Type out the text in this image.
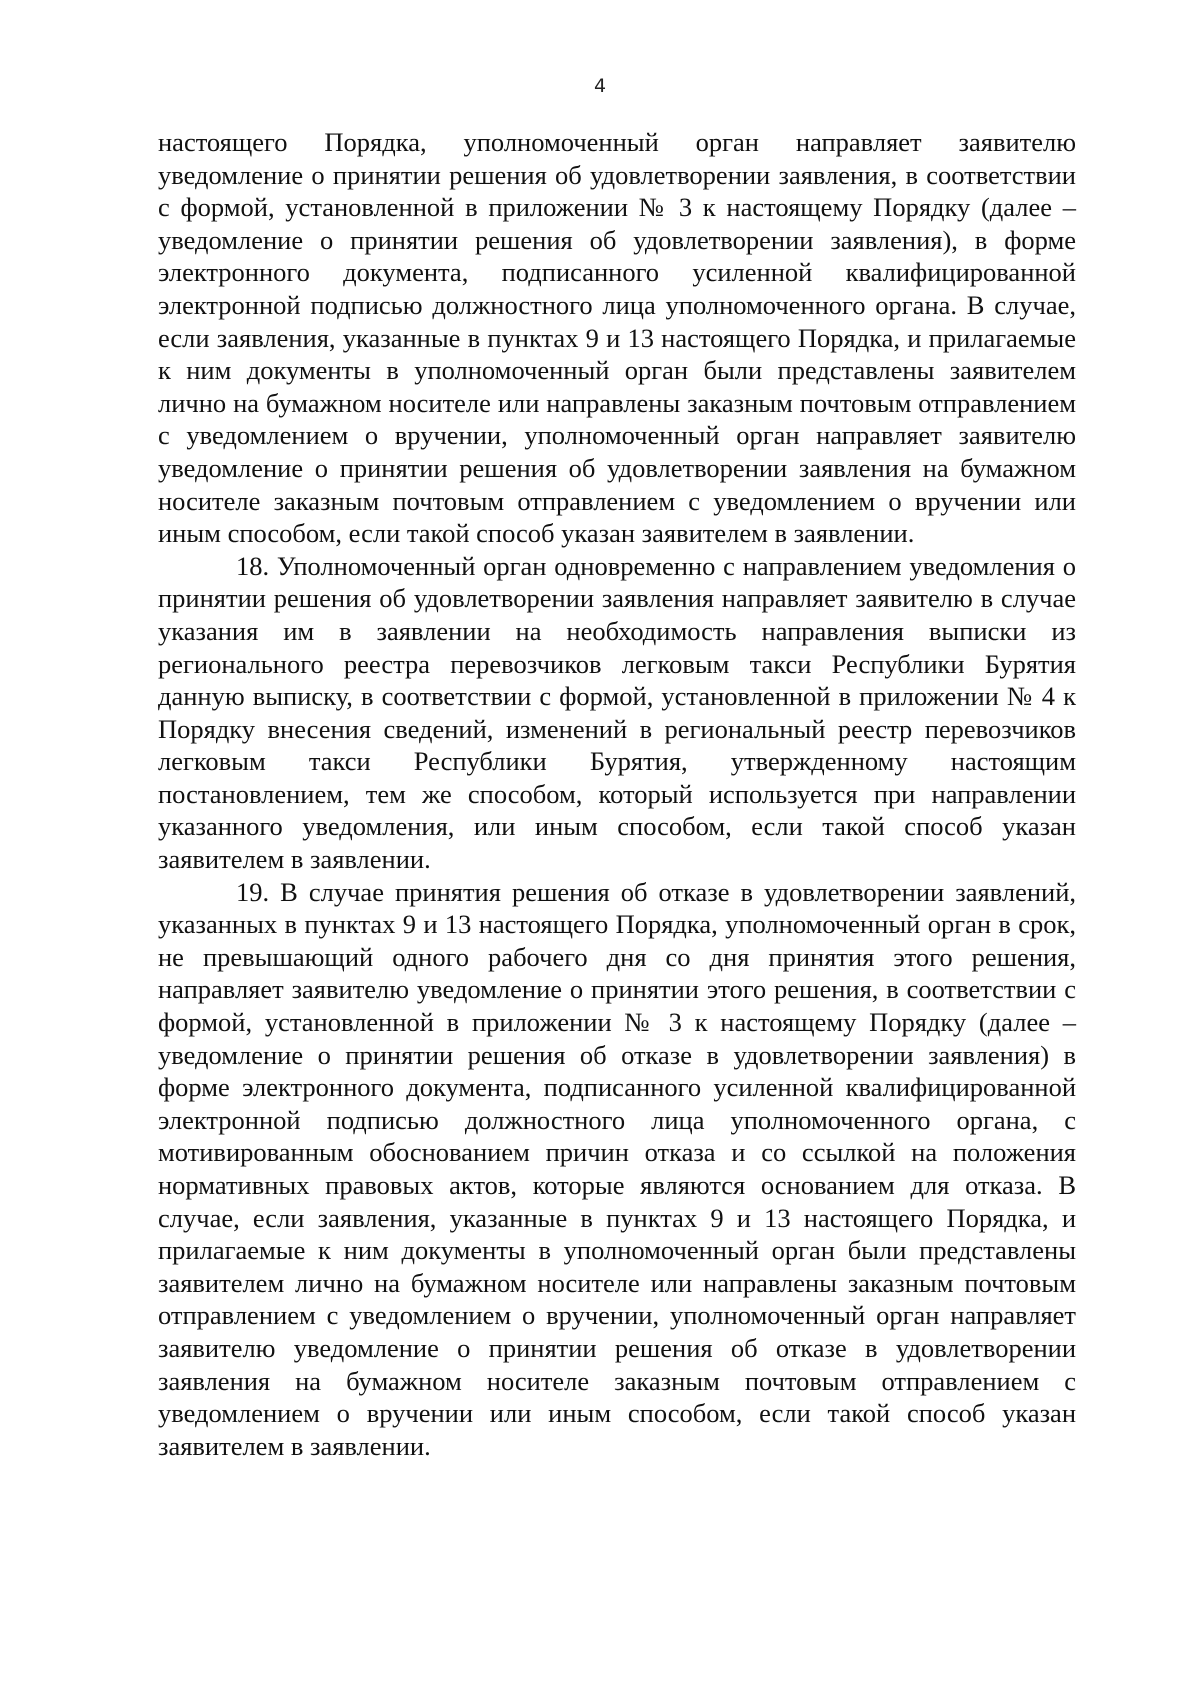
4

настоящего Порядка, уполномоченный орган направляет заявителю уведомление о принятии решения об удовлетворении заявления, в соответствии с формой, установленной в приложении № 3 к настоящему Порядку (далее – уведомление о принятии решения об удовлетворении заявления), в форме электронного документа, подписанного усиленной квалифицированной электронной подписью должностного лица уполномоченного органа. В случае, если заявления, указанные в пунктах 9 и 13 настоящего Порядка, и прилагаемые к ним документы в уполномоченный орган были представлены заявителем лично на бумажном носителе или направлены заказным почтовым отправлением с уведомлением о вручении, уполномоченный орган направляет заявителю уведомление о принятии решения об удовлетворении заявления на бумажном носителе заказным почтовым отправлением с уведомлением о вручении или иным способом, если такой способ указан заявителем в заявлении.

18. Уполномоченный орган одновременно с направлением уведомления о принятии решения об удовлетворении заявления направляет заявителю в случае указания им в заявлении на необходимость направления выписки из регионального реестра перевозчиков легковым такси Республики Бурятия данную выписку, в соответствии с формой, установленной в приложении № 4 к Порядку внесения сведений, изменений в региональный реестр перевозчиков легковым такси Республики Бурятия, утвержденному настоящим постановлением, тем же способом, который используется при направлении указанного уведомления, или иным способом, если такой способ указан заявителем в заявлении.

19. В случае принятия решения об отказе в удовлетворении заявлений, указанных в пунктах 9 и 13 настоящего Порядка, уполномоченный орган в срок, не превышающий одного рабочего дня со дня принятия этого решения, направляет заявителю уведомление о принятии этого решения, в соответствии с формой, установленной в приложении № 3 к настоящему Порядку (далее – уведомление о принятии решения об отказе в удовлетворении заявления) в форме электронного документа, подписанного усиленной квалифицированной электронной подписью должностного лица уполномоченного органа, с мотивированным обоснованием причин отказа и со ссылкой на положения нормативных правовых актов, которые являются основанием для отказа. В случае, если заявления, указанные в пунктах 9 и 13 настоящего Порядка, и прилагаемые к ним документы в уполномоченный орган были представлены заявителем лично на бумажном носителе или направлены заказным почтовым отправлением с уведомлением о вручении, уполномоченный орган направляет заявителю уведомление о принятии решения об отказе в удовлетворении заявления на бумажном носителе заказным почтовым отправлением с уведомлением о вручении или иным способом, если такой способ указан заявителем в заявлении.
